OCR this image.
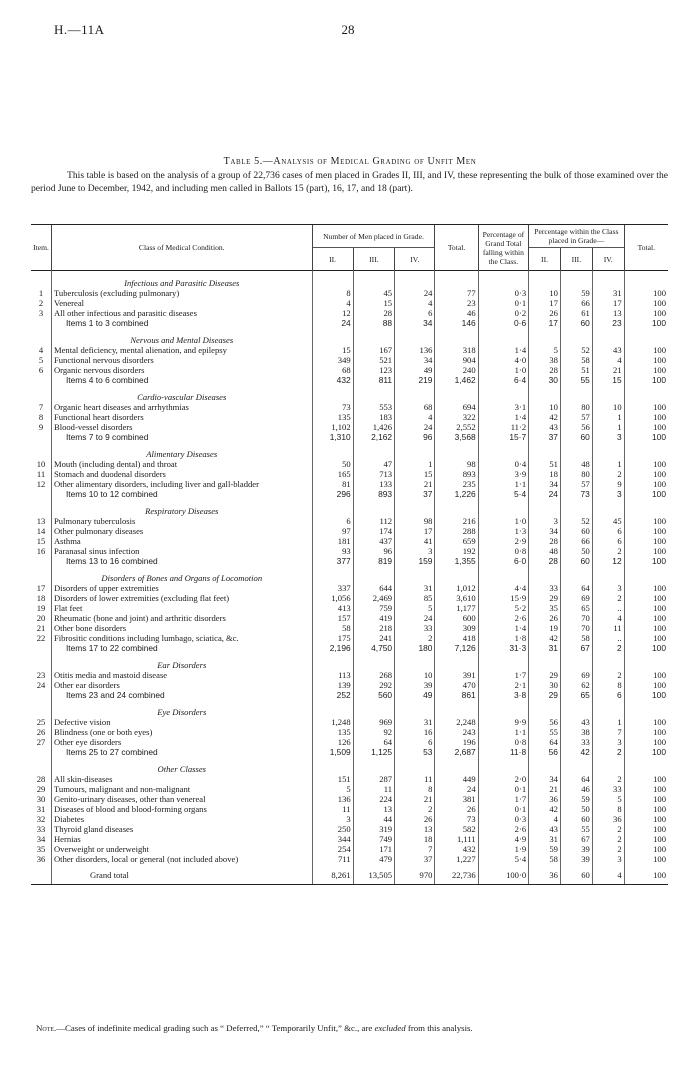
H.—11A	28
Table 5.—Analysis of Medical Grading of Unfit Men
This table is based on the analysis of a group of 22,736 cases of men placed in Grades II, III, and IV, these representing the bulk of those examined over the period June to December, 1942, and including men called in Ballots 15 (part), 16, 17, and 18 (part).
Item.	Class of Medical Condition.	Number of Men placed in Grade.			Total.	Percentage of Grand Total falling within the Class.	Percentage within the Class placed in Grade—			Total.
		II.	III.	IV.			II.	III.	IV.	
	Infectious and Parasitic Diseases									
1	Tuberculosis (excluding pulmonary)	8	45	24	77	0·3	10	59	31	100
2	Venereal	4	15	4	23	0·1	17	66	17	100
3	All other infectious and parasitic diseases	12	28	6	46	0·2	26	61	13	100
	Items 1 to 3 combined	24	88	34	146	0·6	17	60	23	100
	Nervous and Mental Diseases									
4	Mental deficiency, mental alienation, and epilepsy	15	167	136	318	1·4	5	52	43	100
5	Functional nervous disorders	349	521	34	904	4·0	38	58	4	100
6	Organic nervous disorders	68	123	49	240	1·0	28	51	21	100
	Items 4 to 6 combined	432	811	219	1,462	6·4	30	55	15	100
	Cardio-vascular Diseases									
7	Organic heart diseases and arrhythmias	73	553	68	694	3·1	10	80	10	100
8	Functional heart disorders	135	183	4	322	1·4	42	57	1	100
9	Blood-vessel disorders	1,102	1,426	24	2,552	11·2	43	56	1	100
	Items 7 to 9 combined	1,310	2,162	96	3,568	15·7	37	60	3	100
	Alimentary Diseases									
10	Mouth (including dental) and throat	50	47	1	98	0·4	51	48	1	100
11	Stomach and duodenal disorders	165	713	15	893	3·9	18	80	2	100
12	Other alimentary disorders, including liver and gall-bladder	81	133	21	235	1·1	34	57	9	100
	Items 10 to 12 combined	296	893	37	1,226	5·4	24	73	3	100
	Respiratory Diseases									
13	Pulmonary tuberculosis	6	112	98	216	1·0	3	52	45	100
14	Other pulmonary diseases	97	174	17	288	1·3	34	60	6	100
15	Asthma	181	437	41	659	2·9	28	66	6	100
16	Paranasal sinus infection	93	96	3	192	0·8	48	50	2	100
	Items 13 to 16 combined	377	819	159	1,355	6·0	28	60	12	100
	Disorders of Bones and Organs of Locomotion									
17	Disorders of upper extremities	337	644	31	1,012	4·4	33	64	3	100
18	Disorders of lower extremities (excluding flat feet)	1,056	2,469	85	3,610	15·9	29	69	2	100
19	Flat feet	413	759	5	1,177	5·2	35	65	..	100
20	Rheumatic (bone and joint) and arthritic disorders	157	419	24	600	2·6	26	70	4	100
21	Other bone disorders	58	218	33	309	1·4	19	70	11	100
22	Fibrositic conditions including lumbago, sciatica, &c.	175	241	2	418	1·8	42	58	..	100
	Items 17 to 22 combined	2,196	4,750	180	7,126	31·3	31	67	2	100
	Ear Disorders									
23	Otitis media and mastoid disease	113	268	10	391	1·7	29	69	2	100
24	Other ear disorders	139	292	39	470	2·1	30	62	8	100
	Items 23 and 24 combined	252	560	49	861	3·8	29	65	6	100
	Eye Disorders									
25	Defective vision	1,248	969	31	2,248	9·9	56	43	1	100
26	Blindness (one or both eyes)	135	92	16	243	1·1	55	38	7	100
27	Other eye disorders	126	64	6	196	0·8	64	33	3	100
	Items 25 to 27 combined	1,509	1,125	53	2,687	11·8	56	42	2	100
	Other Classes									
28	All skin-diseases	151	287	11	449	2·0	34	64	2	100
29	Tumours, malignant and non-malignant	5	11	8	24	0·1	21	46	33	100
30	Genito-urinary diseases, other than venereal	136	224	21	381	1·7	36	59	5	100
31	Diseases of blood and blood-forming organs	11	13	2	26	0·1	42	50	8	100
32	Diabetes	3	44	26	73	0·3	4	60	36	100
33	Thyroid gland diseases	250	319	13	582	2·6	43	55	2	100
34	Hernias	344	749	18	1,111	4·9	31	67	2	100
35	Overweight or underweight	254	171	7	432	1·9	59	39	2	100
36	Other disorders, local or general (not included above)	711	479	37	1,227	5·4	58	39	3	100
	Grand total	8,261	13,505	970	22,736	100·0	36	60	4	100
Note.—Cases of indefinite medical grading such as “ Deferred,” “ Temporarily Unfit,” &c., are excluded from this analysis.
